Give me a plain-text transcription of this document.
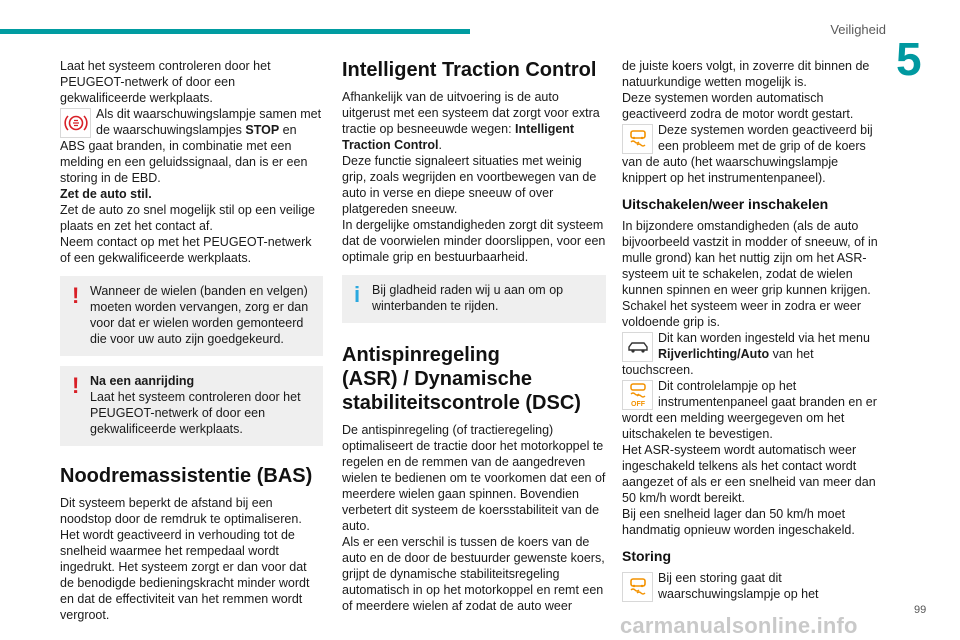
Veiligheid
5

Laat het systeem controleren door het PEUGEOT-netwerk of door een gekwalificeerde werkplaats.

Als dit waarschuwingslampje samen met de waarschuwingslampjes STOP en ABS gaat branden, in combinatie met een melding en een geluidssignaal, dan is er een storing in de EBD.

Zet de auto stil.

Zet de auto zo snel mogelijk stil op een veilige plaats en zet het contact af.

Neem contact op met het PEUGEOT-netwerk of een gekwalificeerde werkplaats.

! Wanneer de wielen (banden en velgen) moeten worden vervangen, zorg er dan voor dat er wielen worden gemonteerd die voor uw auto zijn goedgekeurd.
! Na een aanrijding
Laat het systeem controleren door het PEUGEOT-netwerk of door een gekwalificeerde werkplaats.
Noodremassistentie (BAS)

Dit systeem beperkt de afstand bij een noodstop door de remdruk te optimaliseren.

Het wordt geactiveerd in verhouding tot de snelheid waarmee het rempedaal wordt ingedrukt. Het systeem zorgt er dan voor dat de benodigde bedieningskracht minder wordt en dat de effectiviteit van het remmen wordt vergroot.

Intelligent Traction Control

Afhankelijk van de uitvoering is de auto uitgerust met een systeem dat zorgt voor extra tractie op besneeuwde wegen: Intelligent Traction Control.

Deze functie signaleert situaties met weinig grip, zoals wegrijden en voortbewegen van de auto in verse en diepe sneeuw of over platgereden sneeuw.

In dergelijke omstandigheden zorgt dit systeem dat de voorwielen minder doorslippen, voor een optimale grip en bestuurbaarheid.

i Bij gladheid raden wij u aan om op winterbanden te rijden.
Antispinregeling
(ASR) / Dynamische
stabiliteitscontrole (DSC)

De antispinregeling (of tractieregeling) optimaliseert de tractie door het motorkoppel te regelen en de remmen van de aangedreven wielen te bedienen om te voorkomen dat een of meerdere wielen gaan spinnen. Bovendien verbetert dit systeem de koersstabiliteit van de auto.

Als er een verschil is tussen de koers van de auto en de door de bestuurder gewenste koers, grijpt de dynamische stabiliteitsregeling automatisch in op het motorkoppel en remt een of meerdere wielen af zodat de auto weer

de juiste koers volgt, in zoverre dit binnen de natuurkundige wetten mogelijk is.

Deze systemen worden automatisch geactiveerd zodra de motor wordt gestart.

Deze systemen worden geactiveerd bij een probleem met de grip of de koers van de auto (het waarschuwingslampje knippert op het instrumentenpaneel).
Uitschakelen/weer inschakelen

In bijzondere omstandigheden (als de auto bijvoorbeeld vastzit in modder of sneeuw, of in mulle grond) kan het nuttig zijn om het ASR-systeem uit te schakelen, zodat de wielen kunnen spinnen en weer grip kunnen krijgen.

Schakel het systeem weer in zodra er weer voldoende grip is.

Dit kan worden ingesteld via het menu Rijverlichting/Auto van het touchscreen.
OFF
Dit controlelampje op het instrumentenpaneel gaat branden en er wordt een melding weergegeven om het uitschakelen te bevestigen.

Het ASR-systeem wordt automatisch weer ingeschakeld telkens als het contact wordt aangezet of als er een snelheid van meer dan 50 km/h wordt bereikt.

Bij een snelheid lager dan 50 km/h moet handmatig opnieuw worden ingeschakeld.

Storing
Bij een storing gaat dit waarschuwingslampje op het
99
carmanualsonline.info
